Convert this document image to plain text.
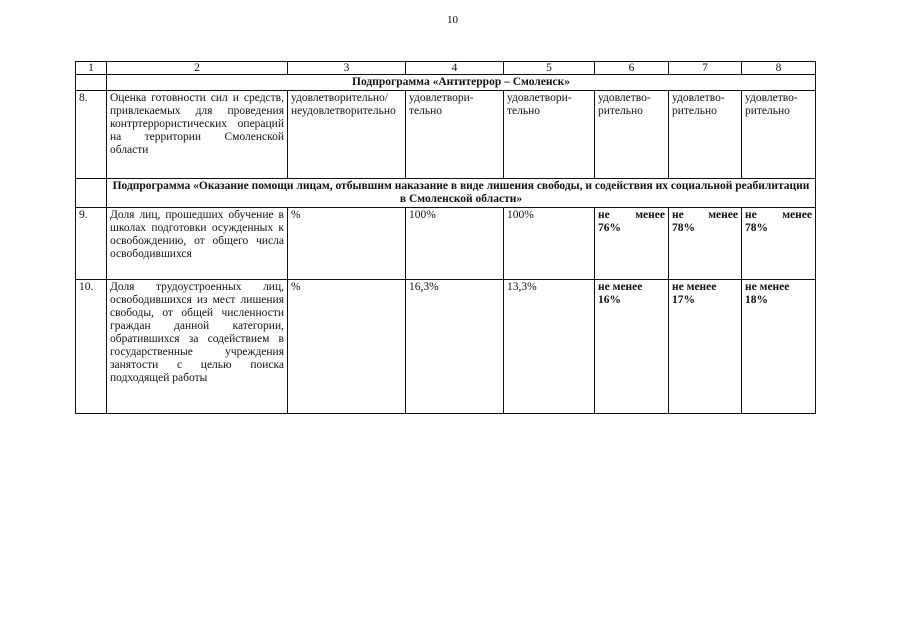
10
1	2	3	4	5	6	7	8
	Подпрограмма «Антитеррор – Смоленск»						
8.	Оценка готовности сил и средств, привлекаемых для проведения контртеррористических операций на территории Смоленской области	удовлетворительно/ неудовлетворительно	удовлетвори-тельно	удовлетвори-тельно	удовлетво-рительно	удовлетво-рительно	удовлетво-рительно
	Подпрограмма «Оказание помощи лицам, отбывшим наказание в виде лишения свободы, и содействия их социальной реабилитации в Смоленской области»						
9.	Доля лиц, прошедших обучение в школах подготовки осужденных к освобождению, от общего числа освободившихся	%	100%	100%	не менее 76%	не менее 78%	не менее 78%
10.	Доля трудоустроенных лиц, освободившихся из мест лишения свободы, от общей численности граждан данной категории, обратившихся за содействием в государственные учреждения занятости с целью поиска подходящей работы	%	16,3%	13,3%	не менее 16%	не менее 17%	не менее 18%
